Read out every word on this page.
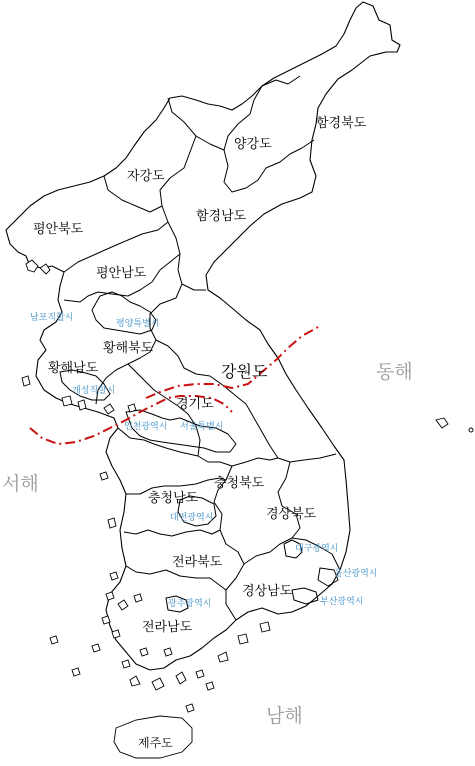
함경북도
양강도
자강도
함경남도
평안북도
평안남도
황해북도
황해남도	강원도
경기도
충청북도
충청남도
경상북도
전라북도
경상남도
전라남도
제주도
남포직할시
평양특별시
개성직할시
인천광역시 서울특별시
대전광역시
대구광역시
울산광역시
부산광역시
광주광역시
동해
서해
남해
